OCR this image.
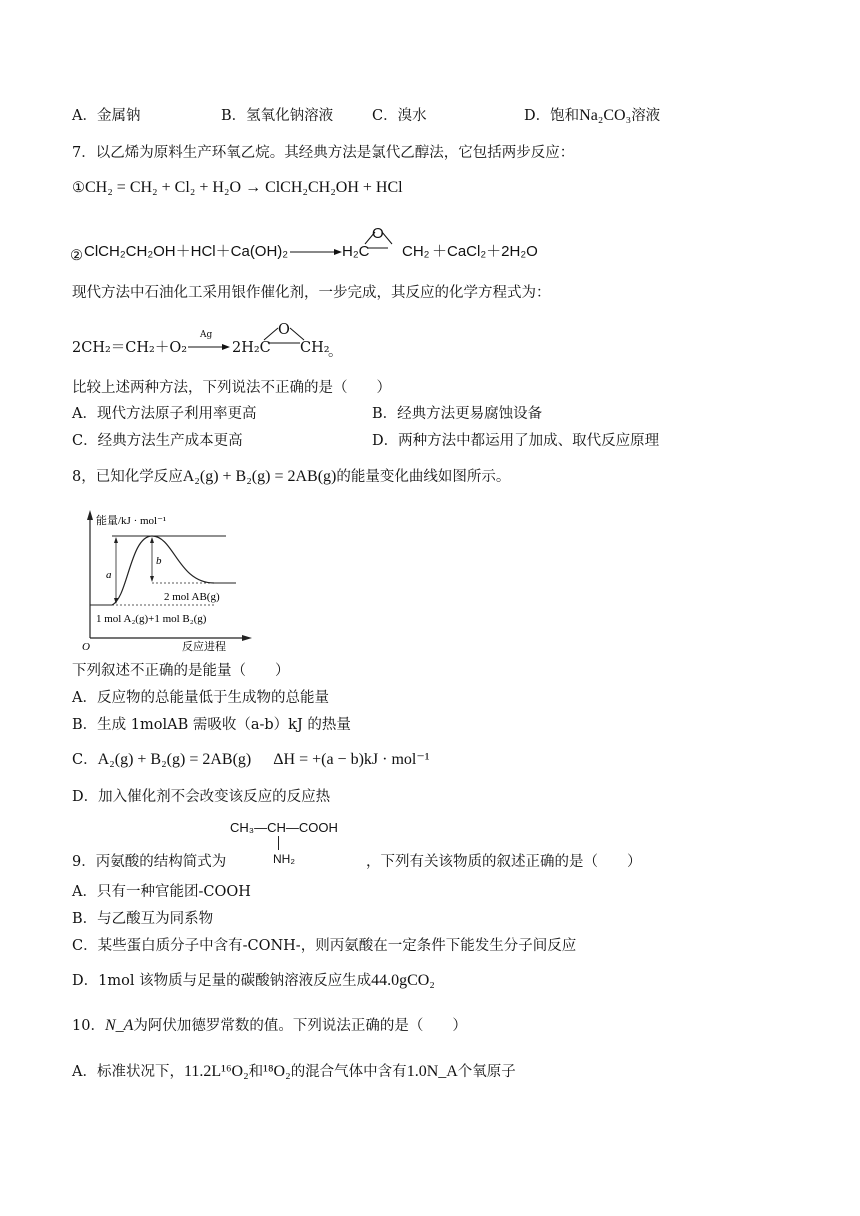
A．金属钠	B．氢氧化钠溶液	C．溴水	D．饱和Na₂CO₃溶液
7．以乙烯为原料生产环氧乙烷。其经典方法是氯代乙醇法，它包括两步反应：
①CH₂ = CH₂ + Cl₂ + H₂O → ClCH₂CH₂OH + HCl
② ClCH₂CH₂OH＋HCl＋Ca(OH)₂	H₂C
O
CH₂ ＋CaCl₂＋2H₂O
现代方法中石油化工采用银作催化剂，一步完成，其反应的化学方程式为：
2CH₂＝CH₂＋O₂
Ag
2H₂C
O
CH₂
。
比较上述两种方法，下列说法不正确的是（　　）
A．现代方法原子利用率更高	B．经典方法更易腐蚀设备
C．经典方法生产成本更高	D．两种方法中都运用了加成、取代反应原理
8，已知化学反应A₂(g) + B₂(g) = 2AB(g)的能量变化曲线如图所示。
能量/kJ · mol⁻¹
a
b
2 mol AB(g)
1 mol A₂(g)+1 mol B₂(g)
O	反应进程
下列叙述不正确的是能量（　　）
A．反应物的总能量低于生成物的总能量
B．生成 1molAB 需吸收（a-b）kJ 的热量
C．A₂(g) + B₂(g) = 2AB(g) ΔH = +(a − b)kJ · mol⁻¹
D．加入催化剂不会改变该反应的反应热
CH₃—CH—COOH
NH₂
9．丙氨酸的结构简式为	，下列有关该物质的叙述正确的是（　　）
A．只有一种官能团-COOH
B．与乙酸互为同系物
C．某些蛋白质分子中含有-CONH-，则丙氨酸在一定条件下能发生分子间反应
D．1mol 该物质与足量的碳酸钠溶液反应生成44.0gCO₂
10．N_A为阿伏加德罗常数的值。下列说法正确的是（　　）
A．标准状况下，11.2L¹⁶O₂和¹⁸O₂的混合气体中含有1.0N_A个氧原子
